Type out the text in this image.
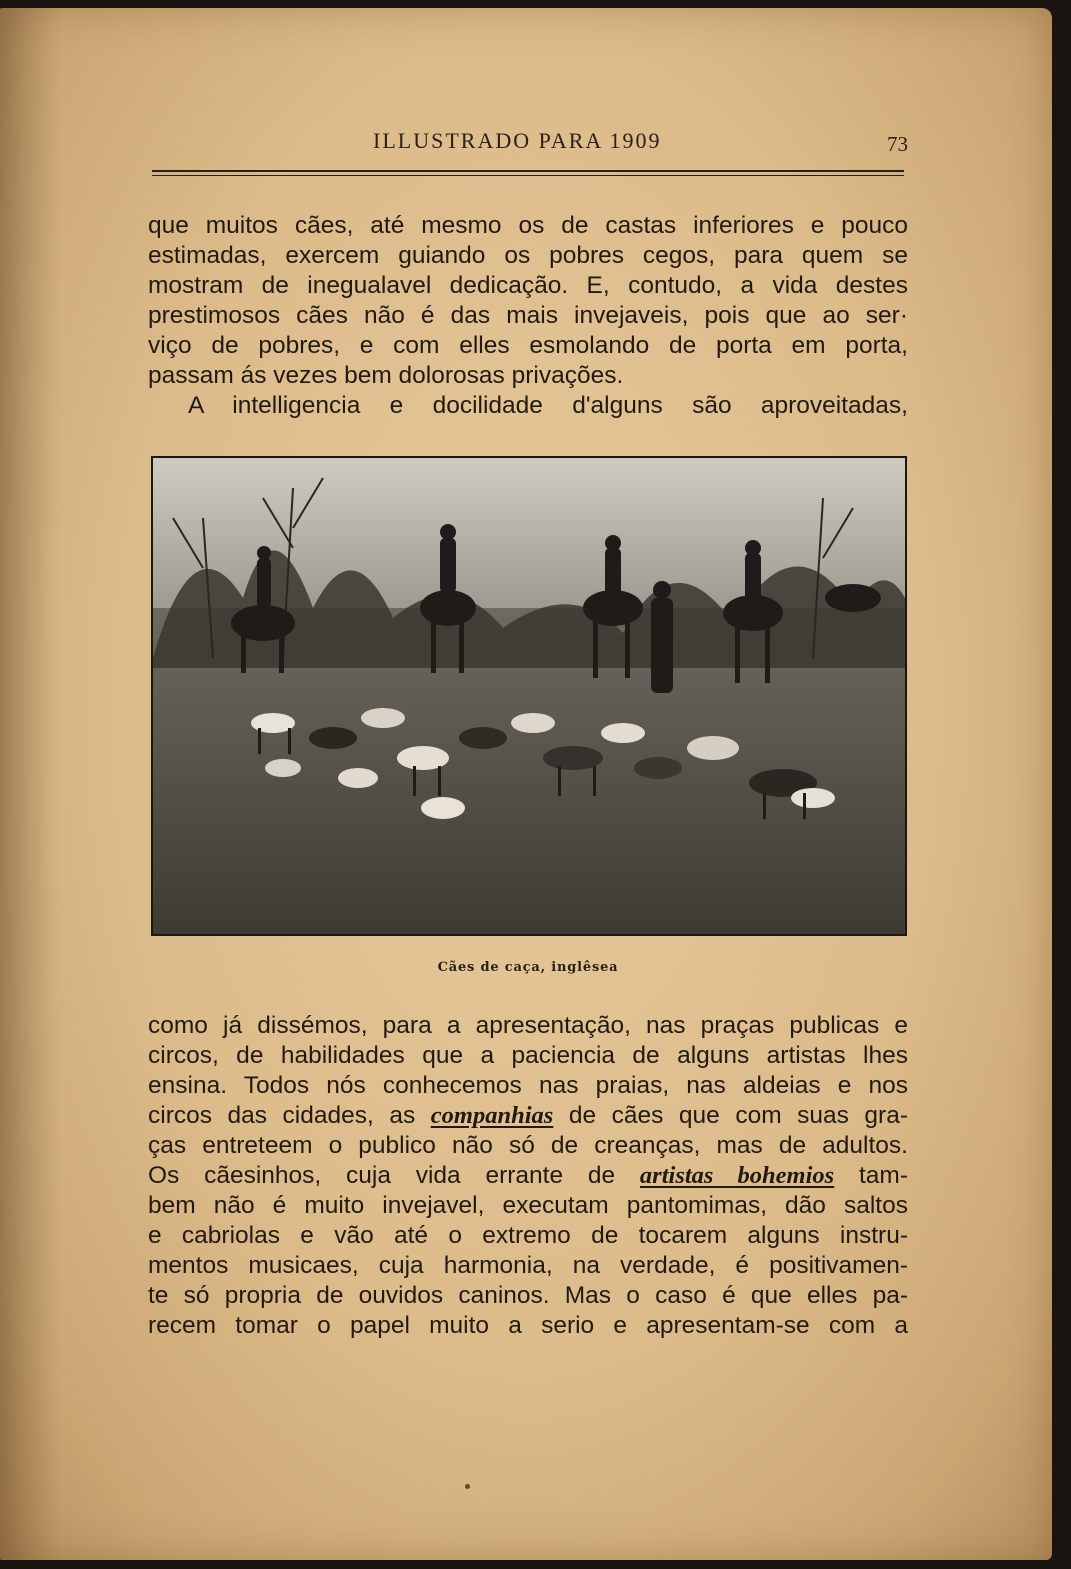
ILLUSTRADO PARA 1909	73
que muitos cães, até mesmo os de castas inferiores e pouco
estimadas, exercem guiando os pobres cegos, para quem se
mostram de inegualavel dedicação. E, contudo, a vida destes
prestimosos cães não é das mais invejaveis, pois que ao ser·
viço de pobres, e com elles esmolando de porta em porta,
passam ás vezes bem dolorosas privações.
A intelligencia e docilidade d'alguns são aproveitadas,
Cães de caça, inglêsea
como já dissémos, para a apresentação, nas praças publicas e
circos, de habilidades que a paciencia de alguns artistas lhes
ensina. Todos nós conhecemos nas praias, nas aldeias e nos
circos das cidades, as companhias de cães que com suas gra-
ças entreteem o publico não só de creanças, mas de adultos.
Os cãesinhos, cuja vida errante de artistas bohemios tam-
bem não é muito invejavel, executam pantomimas, dão saltos
e cabriolas e vão até o extremo de tocarem alguns instru-
mentos musicaes, cuja harmonia, na verdade, é positivamen-
te só propria de ouvidos caninos. Mas o caso é que elles pa-
recem tomar o papel muito a serio e apresentam-se com a
